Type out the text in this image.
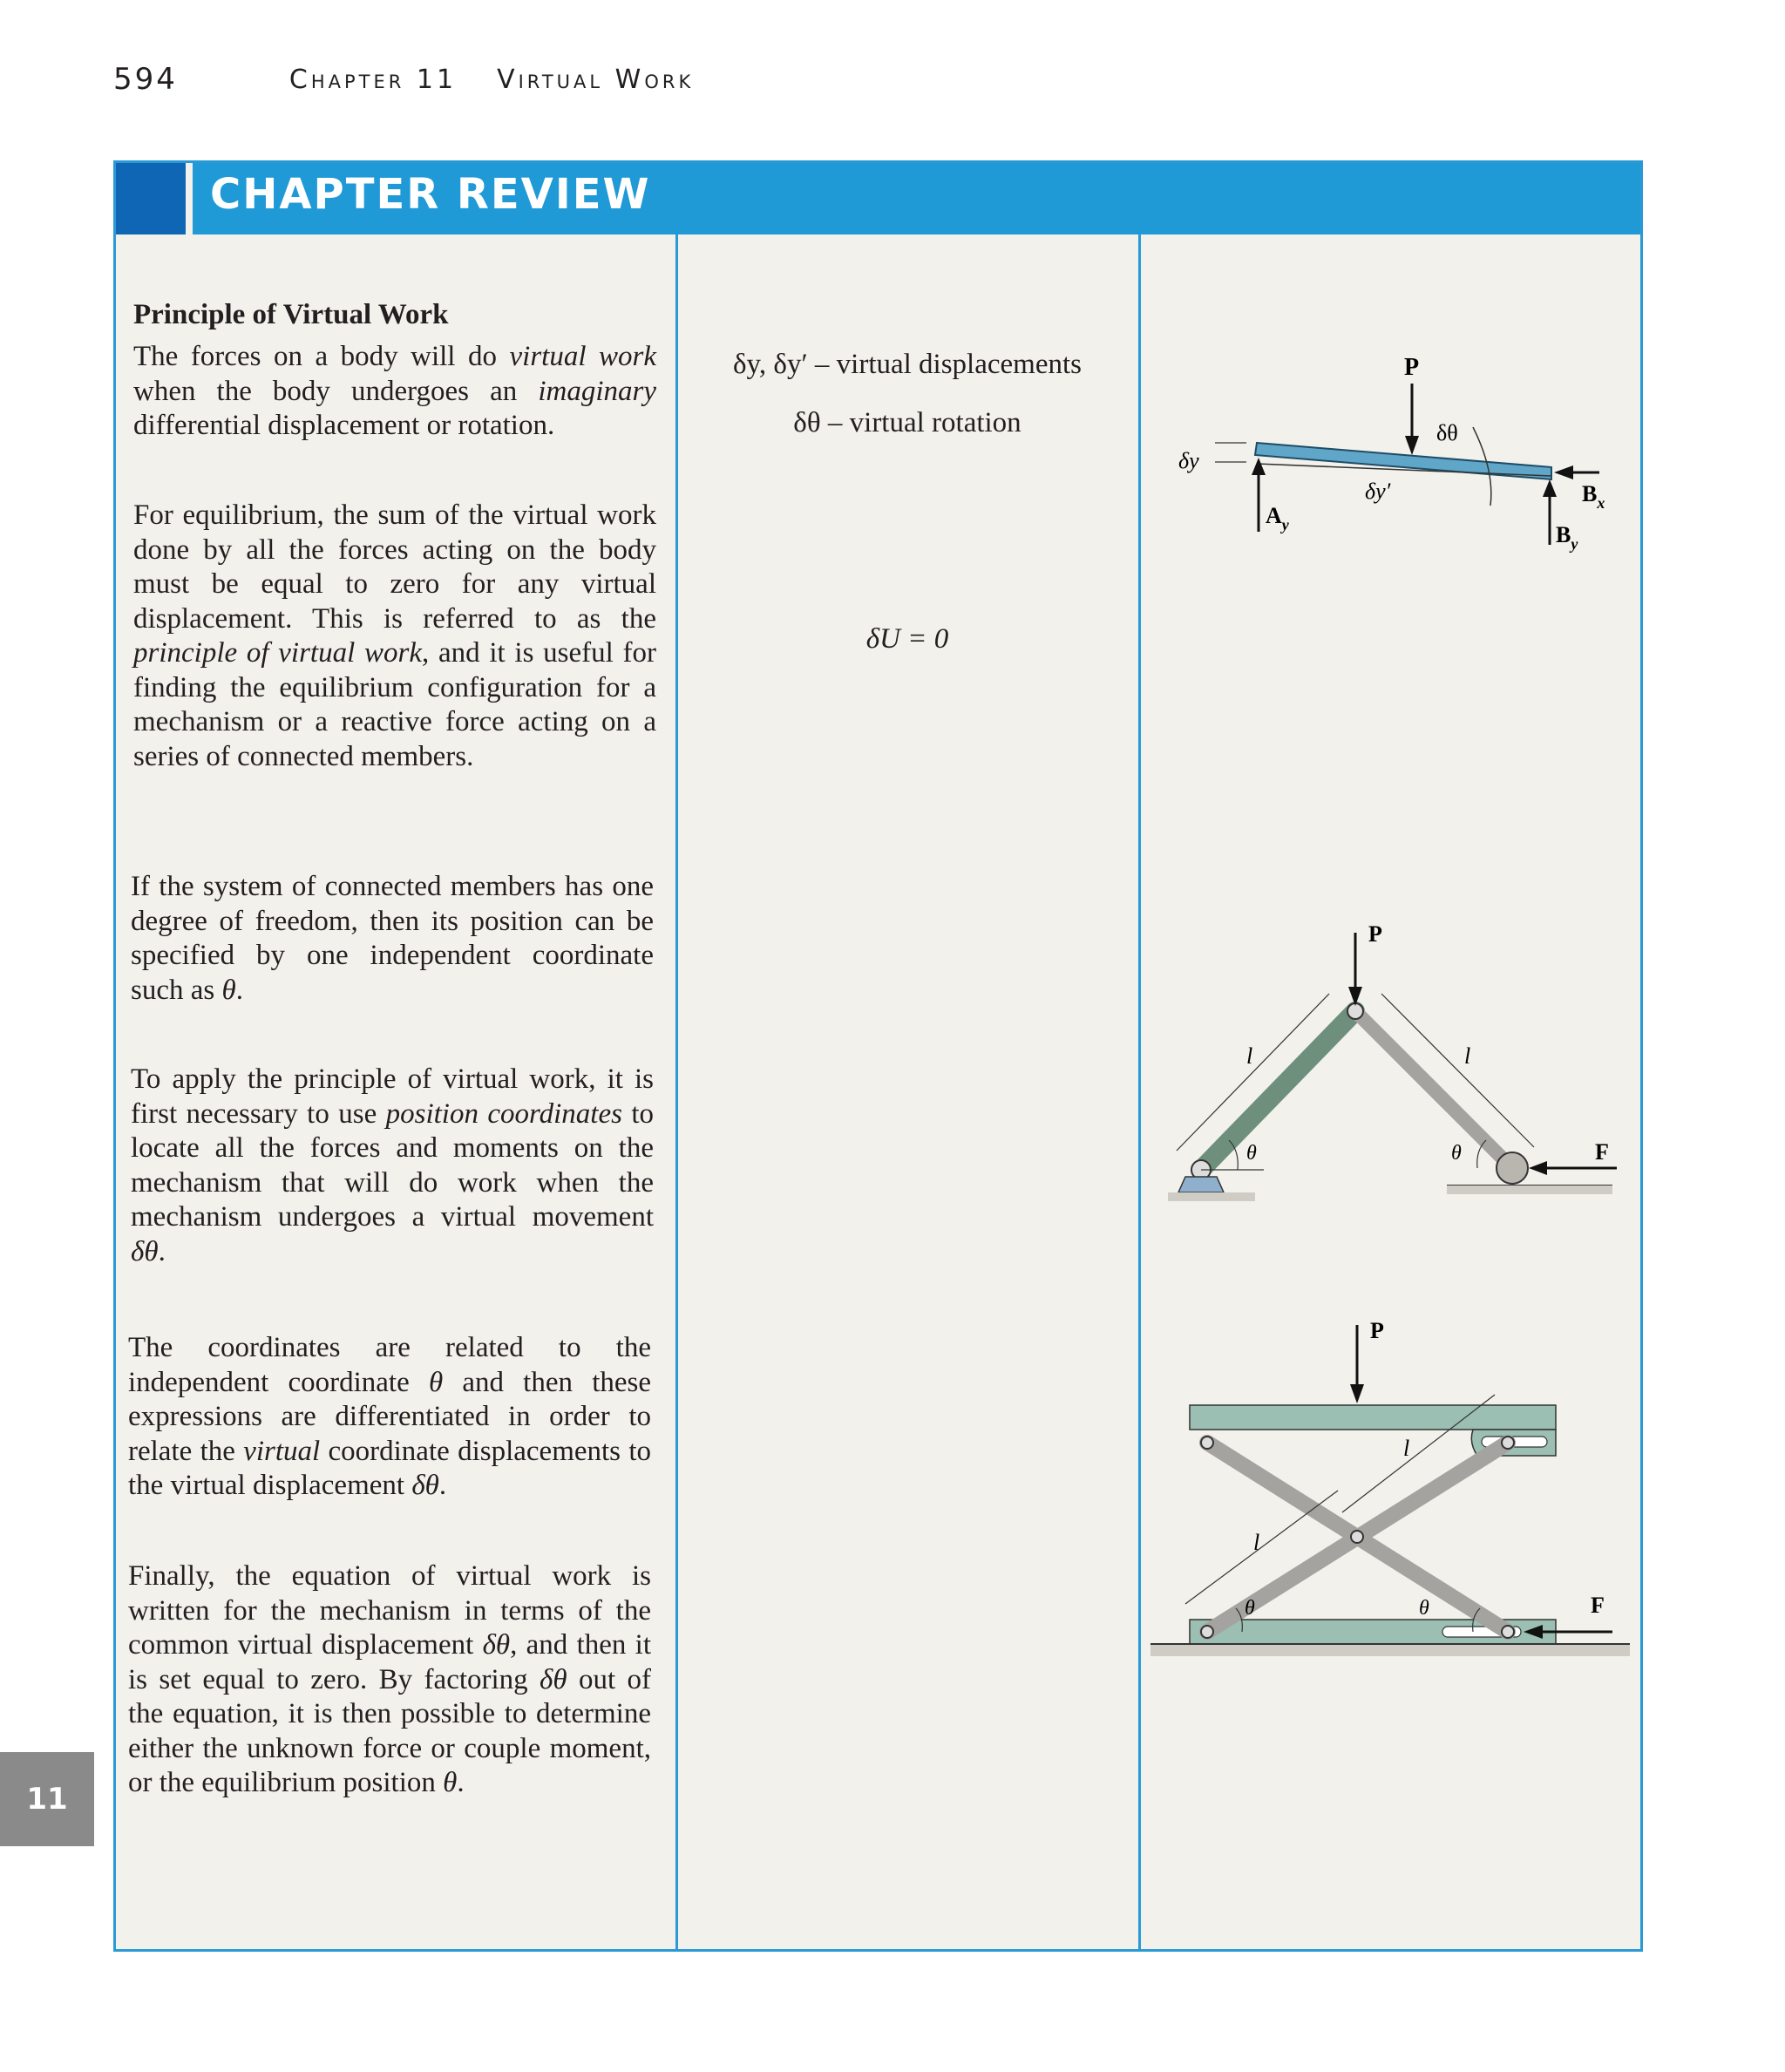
594	Chapter 11 Virtual Work
CHAPTER REVIEW
Principle of Virtual Work
The forces on a body will do virtual work when the body undergoes an imaginary differential displacement or rotation.
For equilibrium, the sum of the virtual work done by all the forces acting on the body must be equal to zero for any virtual displacement. This is referred to as the principle of virtual work, and it is useful for finding the equilibrium configuration for a mechanism or a reactive force acting on a series of connected members.
If the system of connected members has one degree of freedom, then its position can be specified by one independent coordinate such as θ.
To apply the principle of virtual work, it is first necessary to use position coordinates to locate all the forces and moments on the mechanism that will do work when the mechanism undergoes a virtual movement δθ.
The coordinates are related to the independent coordinate θ and then these expressions are differentiated in order to relate the virtual coordinate displacements to the virtual displacement δθ.
Finally, the equation of virtual work is written for the mechanism in terms of the common virtual displacement δθ, and then it is set equal to zero. By factoring δθ out of the equation, it is then possible to determine either the unknown force or couple moment, or the equilibrium position θ.
δy, δy′ – virtual displacements
δθ – virtual rotation
δU = 0
P
δθ
δy
δy′
$A_y$
$B_x$
$B_y$
P
F
l	l
θ	θ
P
F
l
l
θ	θ
11
